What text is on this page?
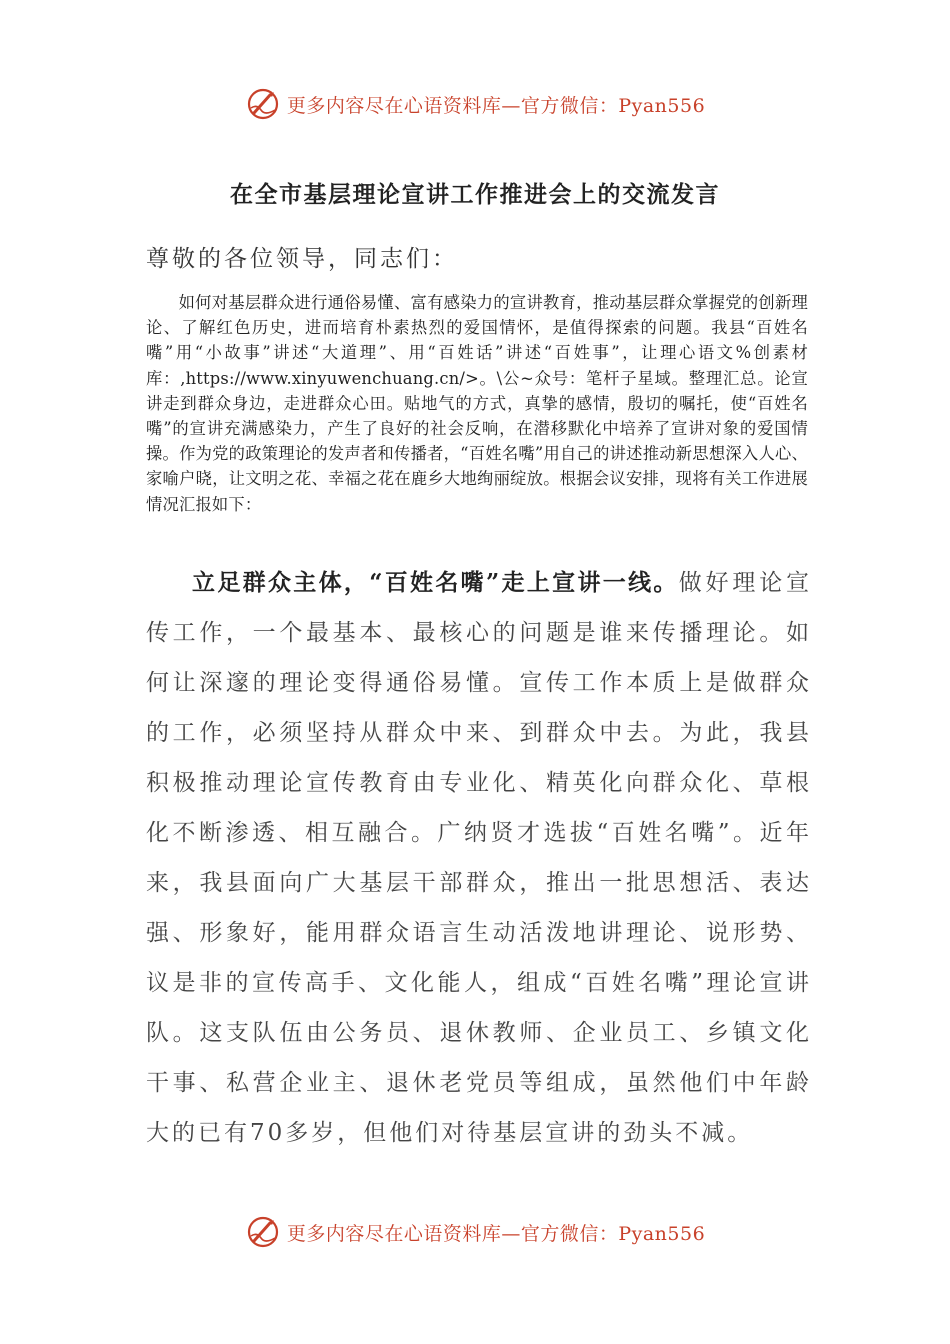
更多内容尽在心语资料库—官方微信：Pyan556
在全市基层理论宣讲工作推进会上的交流发言
尊敬的各位领导，同志们：

如何对基层群众进行通俗易懂、富有感染力的宣讲教育，推动基层群众掌握党的创新理论、了解红色历史，进而培育朴素热烈的爱国情怀，是值得探索的问题。我县“百姓名嘴”用“小故事”讲述“大道理”、用“百姓话”讲述“百姓事”，让理心语文%创素材库：,https://www.xinyuwenchuang.cn/>。\公~众号：笔杆子星域。整理汇总。论宣讲走到群众身边，走进群众心田。贴地气的方式，真挚的感情，殷切的嘱托，使“百姓名嘴”的宣讲充满感染力，产生了良好的社会反响，在潜移默化中培养了宣讲对象的爱国情操。作为党的政策理论的发声者和传播者，“百姓名嘴”用自己的讲述推动新思想深入人心、家喻户晓，让文明之花、幸福之花在鹿乡大地绚丽绽放。根据会议安排，现将有关工作进展情况汇报如下：

立足群众主体，“百姓名嘴”走上宣讲一线。做好理论宣传工作，一个最基本、最核心的问题是谁来传播理论。如何让深邃的理论变得通俗易懂。宣传工作本质上是做群众的工作，必须坚持从群众中来、到群众中去。为此，我县积极推动理论宣传教育由专业化、精英化向群众化、草根化不断渗透、相互融合。广纳贤才选拔“百姓名嘴”。近年来，我县面向广大基层干部群众，推出一批思想活、表达强、形象好，能用群众语言生动活泼地讲理论、说形势、议是非的宣传高手、文化能人，组成“百姓名嘴”理论宣讲队。这支队伍由公务员、退休教师、企业员工、乡镇文化干事、私营企业主、退休老党员等组成，虽然他们中年龄大的已有70多岁，但他们对待基层宣讲的劲头不减。

更多内容尽在心语资料库—官方微信：Pyan556
